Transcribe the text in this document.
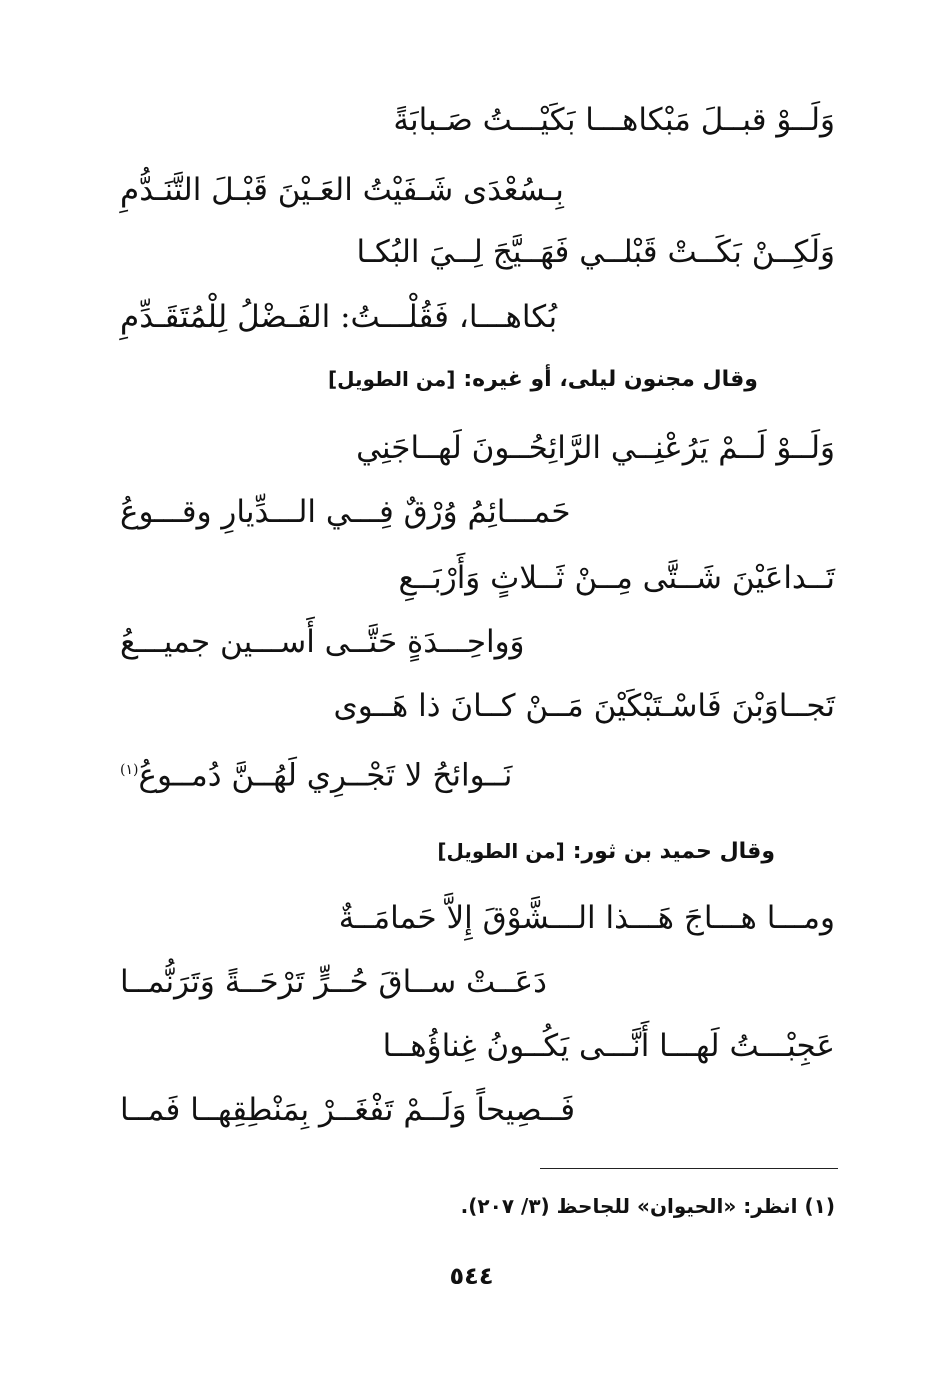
وَلَــوْ قبــلَ مَبْكاهـــا بَكَيْـــتُ صَـبابَةً
بِـسُعْدَى شَـفَيْتُ العَـيْنَ قَبْـلَ التَّنَـدُّمِ
وَلَكِــنْ بَكَــتْ قَبْلــي فَهَــيَّجَ لِــيَ البُكـا
بُكاهـــا، فَقُلْـــتُ: الفَـضْلُ لِلْمُتَقَـدِّمِ
وقال مجنون ليلى، أو غيره:[من الطويل]
وَلَــوْ لَــمْ يَرُعْنِــي الرَّائِحُــونَ لَهــاجَنِي
حَمـــائِمُ وُرْقٌ فِـــي الـــدِّيارِ وقـــوعُ
تَــداعَيْنَ شَــتَّى مِــنْ ثَــلاثٍ وَأَرْبَــعِ
وَواحِـــدَةٍ حَتَّــى أَســـين جميـــعُ
تَجــاوَبْنَ فَاسْـتَبْكَيْنَ مَــنْ كــانَ ذا هَــوى
نَــوائحُ لا تَجْــرِي لَهُــنَّ دُمــوعُ$^{(١)}$
وقال حميد بن ثور:[من الطويل]
ومـــا هـــاجَ هَـــذا الـــشَّوْقَ إِلاَّ حَمامَــةٌ
دَعَــتْ ســاقَ حُــرٍّ تَرْحَــةً وَتَرَنُّمــا
عَجِبْـــتُ لَهـــا أَنَّـــى يَكُــونُ غِناؤُهــا
فَــصِيحاً وَلَــمْ تَفْغَــرْ بِمَنْطِقِهــا فَمــا
(١) انظر: «الحيوان» للجاحظ (٣/ ٢٠٧).
٥٤٤
